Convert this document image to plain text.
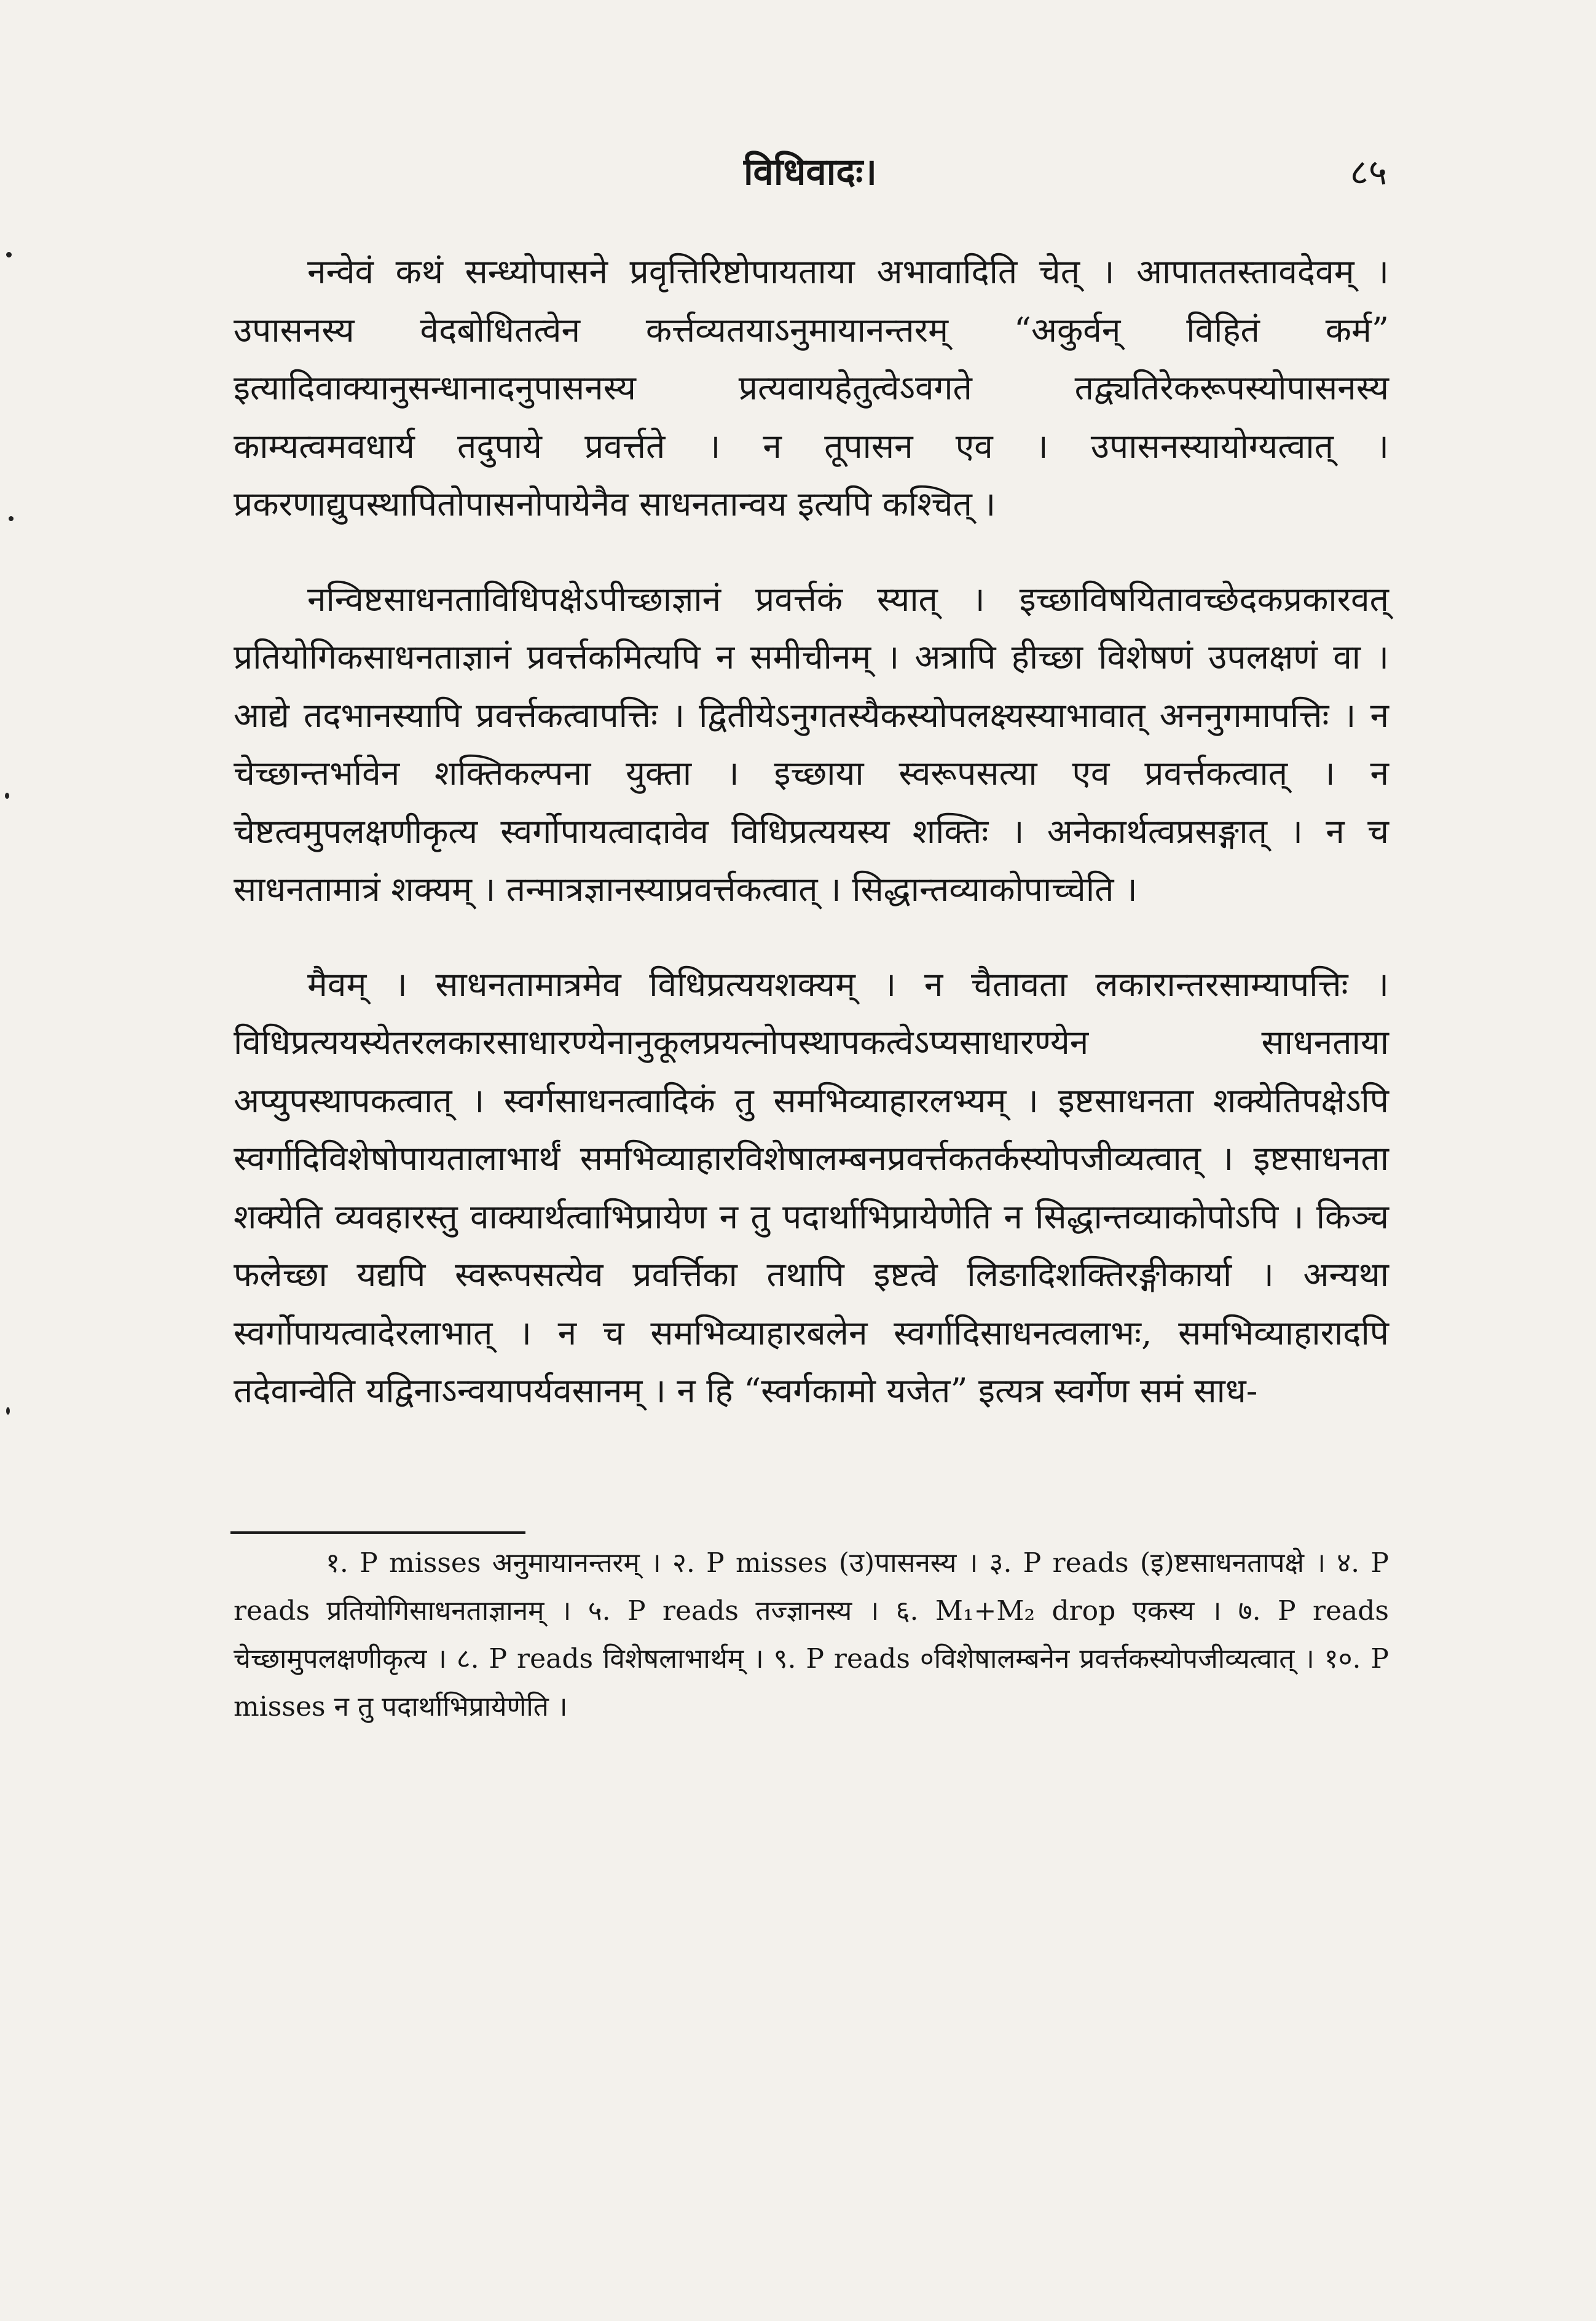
विधिवादः।	८५

नन्वेवं कथं सन्ध्योपासने प्रवृत्तिरिष्टोपायताया अभावादिति चेत् । आपाततस्तावदेवम् । उपासनस्य वेदबोधितत्वेन कर्त्तव्यतयाऽनुमायानन्तरम् “अकुर्वन् विहितं कर्म” इत्यादिवाक्यानुसन्धानादनुपासनस्य प्रत्यवायहेतुत्वेऽवगते तद्व्यतिरेकरूपस्योपासनस्य काम्यत्वमवधार्य तदुपाये प्रवर्त्तते । न तूपासन एव । उपासनस्यायोग्यत्वात् । प्रकरणाद्युपस्थापितोपासनोपायेनैव साधनतान्वय इत्यपि कश्चित् ।

नन्विष्टसाधनताविधिपक्षेऽपीच्छाज्ञानं प्रवर्त्तकं स्यात् । इच्छाविषयितावच्छेदकप्रकारवत् प्रतियोगिकसाधनताज्ञानं प्रवर्त्तकमित्यपि न समीचीनम् । अत्रापि हीच्छा विशेषणं उपलक्षणं वा । आद्ये तदभानस्यापि प्रवर्त्तकत्वापत्तिः । द्वितीयेऽनुगतस्यैकस्योपलक्ष्यस्याभावात् अननुगमापत्तिः । न चेच्छान्तर्भावेन शक्तिकल्पना युक्ता । इच्छाया स्वरूपसत्या एव प्रवर्त्तकत्वात् । न चेष्टत्वमुपलक्षणीकृत्य स्वर्गोपायत्वादावेव विधिप्रत्ययस्य शक्तिः । अनेकार्थत्वप्रसङ्गात् । न च साधनतामात्रं शक्यम् । तन्मात्रज्ञानस्याप्रवर्त्तकत्वात् । सिद्धान्तव्याकोपाच्चेति ।

मैवम् । साधनतामात्रमेव विधिप्रत्ययशक्यम् । न चैतावता लकारान्तरसाम्यापत्तिः । विधिप्रत्ययस्येतरलकारसाधारण्येनानुकूलप्रयत्नोपस्थापकत्वेऽप्यसाधारण्येन साधनताया अप्युपस्थापकत्वात् । स्वर्गसाधनत्वादिकं तु समभिव्याहारलभ्यम् । इष्टसाधनता शक्येतिपक्षेऽपि स्वर्गादिविशेषोपायतालाभार्थं समभिव्याहारविशेषालम्बनप्रवर्त्तकतर्कस्योपजीव्यत्वात् । इष्टसाधनता शक्येति व्यवहारस्तु वाक्यार्थत्वाभिप्रायेण न तु पदार्थाभिप्रायेणेति न सिद्धान्तव्याकोपोऽपि । किञ्च फलेच्छा यद्यपि स्वरूपसत्येव प्रवर्त्तिका तथापि इष्टत्वे लिङादिशक्तिरङ्गीकार्या । अन्यथा स्वर्गोपायत्वादेरलाभात् । न च समभिव्याहारबलेन स्वर्गादिसाधनत्वलाभः, समभिव्याहारादपि तदेवान्वेति यद्विनाऽन्वयापर्यवसानम् । न हि “स्वर्गकामो यजेत” इत्यत्र स्वर्गेण समं साध-

१. P misses अनुमायानन्तरम् । २. P misses (उ)पासनस्य । ३. P reads (इ)ष्टसाधनतापक्षे । ४. P reads प्रतियोगिसाधनताज्ञानम् । ५. P reads तज्ज्ञानस्य । ६. M₁+M₂ drop एकस्य । ७. P reads चेच्छामुपलक्षणीकृत्य । ८. P reads विशेषलाभार्थम् । ९. P reads ०विशेषालम्बनेन प्रवर्त्तकस्योपजीव्यत्वात् । १०. P misses न तु पदार्थाभिप्रायेणेति ।
